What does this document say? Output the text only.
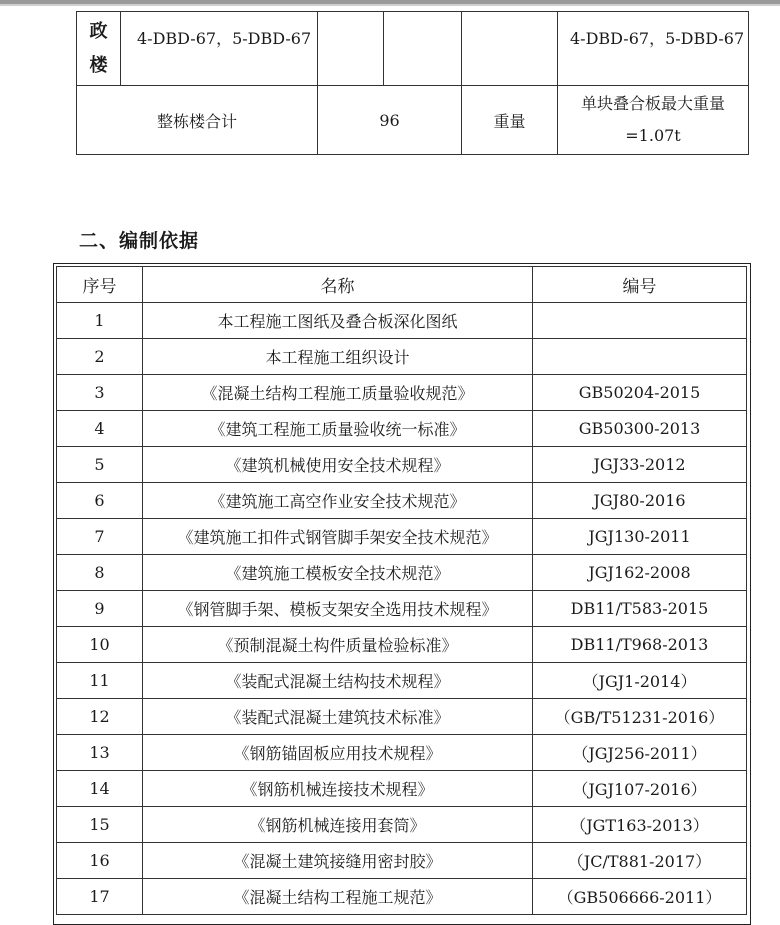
政楼	4-DBD-67，5-DBD-67				4-DBD-67，5-DBD-67
整栋楼合计		96		重量	单块叠合板最大重量
=1.07t
二、编制依据
序号	名称	编号
1	本工程施工图纸及叠合板深化图纸	
2	本工程施工组织设计	
3	《混凝土结构工程施工质量验收规范》	GB50204-2015
4	《建筑工程施工质量验收统一标准》	GB50300-2013
5	《建筑机械使用安全技术规程》	JGJ33-2012
6	《建筑施工高空作业安全技术规范》	JGJ80-2016
7	《建筑施工扣件式钢管脚手架安全技术规范》	JGJ130-2011
8	《建筑施工模板安全技术规范》	JGJ162-2008
9	《钢管脚手架、模板支架安全选用技术规程》	DB11/T583-2015
10	《预制混凝土构件质量检验标准》	DB11/T968-2013
11	《装配式混凝土结构技术规程》	（JGJ1-2014）
12	《装配式混凝土建筑技术标准》	（GB/T51231-2016）
13	《钢筋锚固板应用技术规程》	（JGJ256-2011）
14	《钢筋机械连接技术规程》	（JGJ107-2016）
15	《钢筋机械连接用套筒》	（JGT163-2013）
16	《混凝土建筑接缝用密封胶》	（JC/T881-2017）
17	《混凝土结构工程施工规范》	（GB506666-2011）
